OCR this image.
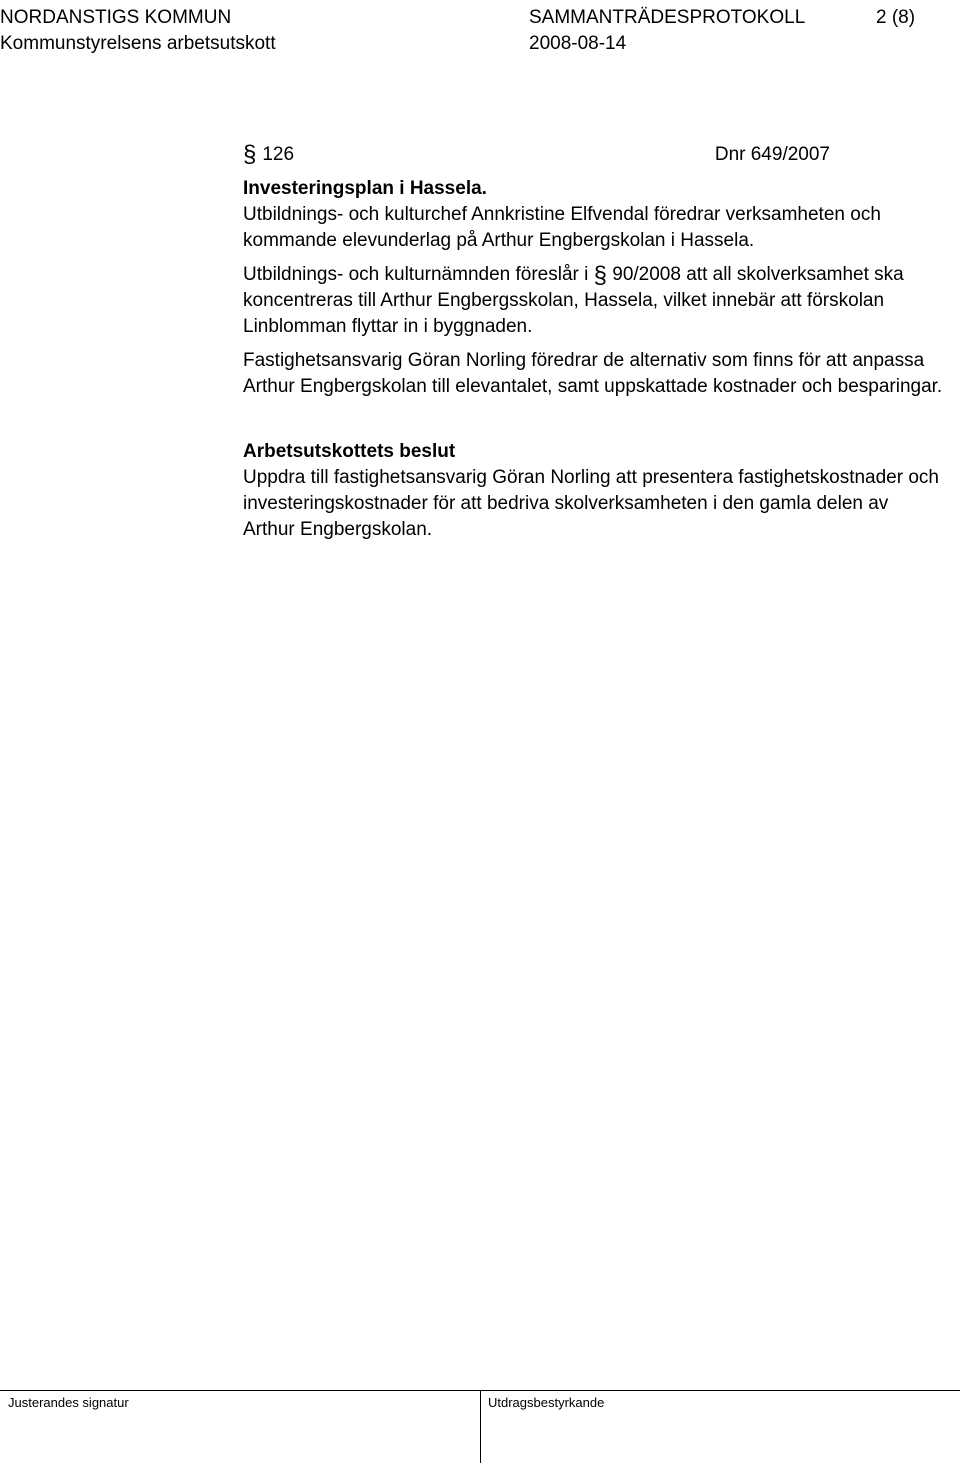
NORDANSTIGS KOMMUN	SAMMANTRÄDESPROTOKOLL	2 (8)
Kommunstyrelsens arbetsutskott	2008-08-14
§ 126	Dnr 649/2007

Investeringsplan i Hassela.

Utbildnings- och kulturchef Annkristine Elfvendal föredrar verksamheten och kommande elevunderlag på Arthur Engbergskolan i Hassela.

Utbildnings- och kulturnämnden föreslår i § 90/2008 att all skolverksamhet ska koncentreras till Arthur Engbergsskolan, Hassela, vilket innebär att förskolan Linblomman flyttar in i byggnaden.

Fastighetsansvarig Göran Norling föredrar de alternativ som finns för att anpassa Arthur Engbergskolan till elevantalet, samt uppskattade kostnader och besparingar.

Arbetsutskottets beslut

Uppdra till fastighetsansvarig Göran Norling att presentera fastighetskostnader och investeringskostnader för att bedriva skolverksamheten i den gamla delen av Arthur Engbergskolan.

Justerandes signatur	Utdragsbestyrkande
